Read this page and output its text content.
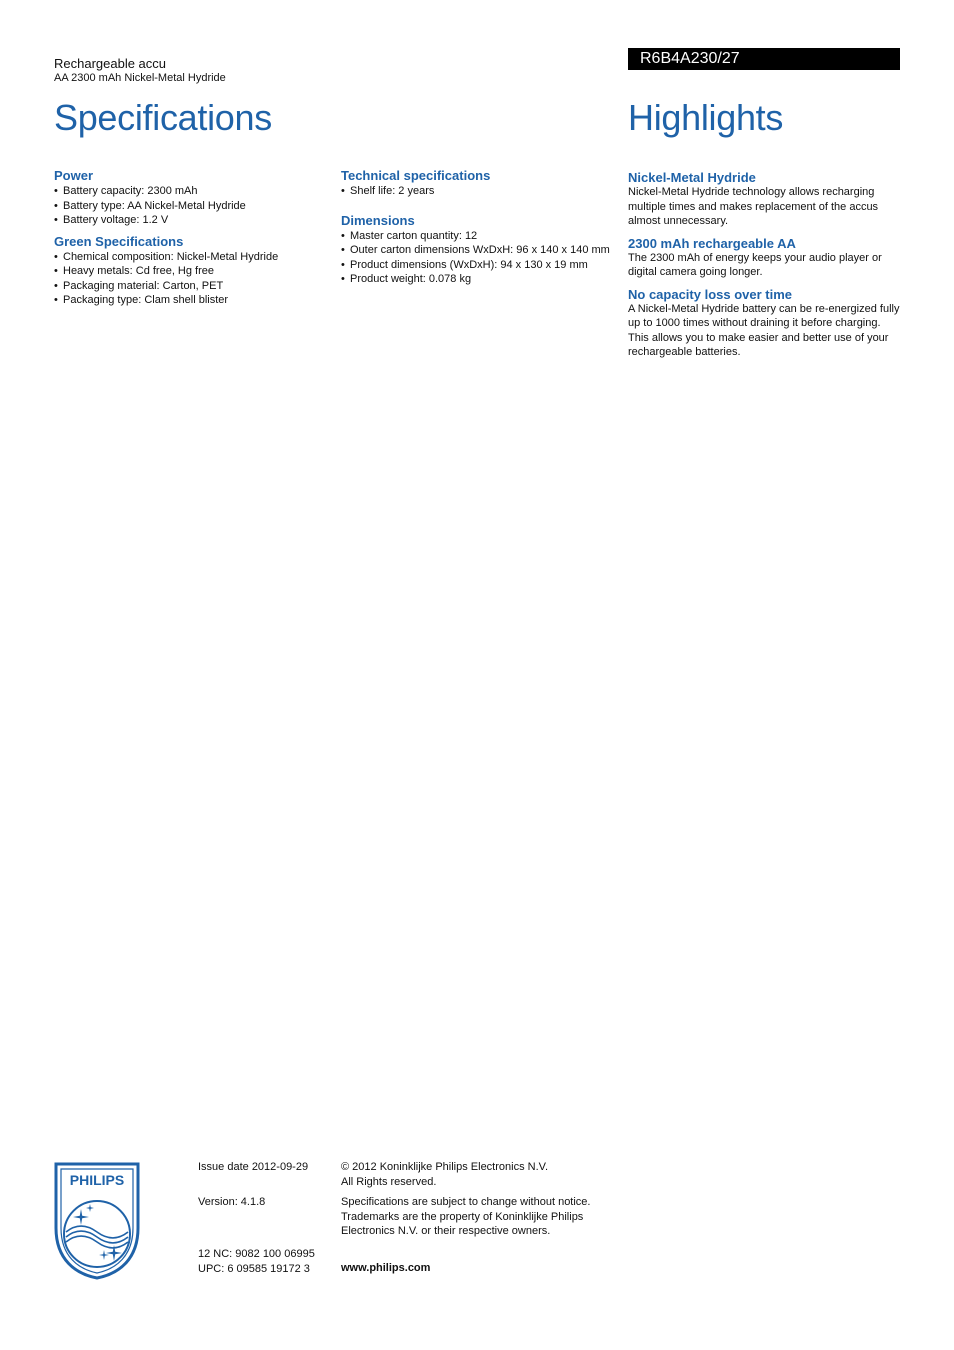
Rechargeable accu
AA 2300 mAh Nickel-Metal Hydride
Specifications
R6B4A230/27
Highlights
Power
• Battery capacity: 2300 mAh
• Battery type: AA Nickel-Metal Hydride
• Battery voltage: 1.2 V
Green Specifications
• Chemical composition: Nickel-Metal Hydride
• Heavy metals: Cd free, Hg free
• Packaging material: Carton, PET
• Packaging type: Clam shell blister
Technical specifications
• Shelf life: 2 years
Dimensions
• Master carton quantity: 12
• Outer carton dimensions WxDxH: 96 x 140 x 140 mm
• Product dimensions (WxDxH): 94 x 130 x 19 mm
• Product weight: 0.078 kg
Nickel-Metal Hydride
Nickel-Metal Hydride technology allows recharging multiple times and makes replacement of the accus almost unnecessary.
2300 mAh rechargeable AA
The 2300 mAh of energy keeps your audio player or digital camera going longer.
No capacity loss over time
A Nickel-Metal Hydride battery can be re-energized fully up to 1000 times without draining it before charging. This allows you to make easier and better use of your rechargeable batteries.
PHILIPS
Issue date 2012-09-29
Version: 4.1.8
12 NC: 9082 100 06995
UPC: 6 09585 19172 3
© 2012 Koninklijke Philips Electronics N.V.
All Rights reserved.
Specifications are subject to change without notice. Trademarks are the property of Koninklijke Philips Electronics N.V. or their respective owners.
www.philips.com
